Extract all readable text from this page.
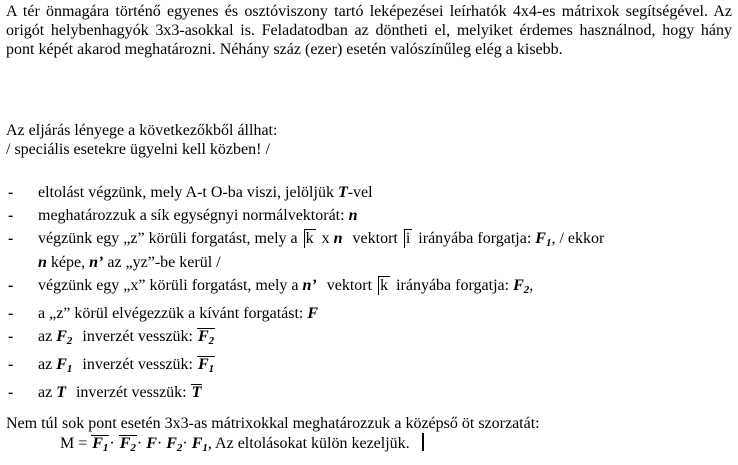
A tér önmagára történő egyenes és osztóviszony tartó leképezései leírhatók 4x4-es mátrixok segítségével. Az origót helybenhagyók 3x3-asokkal is. Feladatodban az döntheti el, melyiket érdemes használnod, hogy hány pont képét akarod meghatározni. Néhány száz (ezer) esetén valószínűleg elég a kisebb.

Az eljárás lényege a következőkből állhat:

/ speciális esetekre ügyelni kell közben! /

- eltolást végzünk, mely A-t O-ba viszi, jelöljük T-vel
- meghatározzuk a sík egységnyi normálvektorát: n
- végzünk egy „z” körüli forgatást, mely a k x n vektort i irányába forgatja: $F_1$, / ekkor
n képe, n’ az „yz”-be kerül /
- végzünk egy „x” körüli forgatást, mely a n’ vektort k irányába forgatja: $F_2$,
- a „z” körül elvégezzük a kívánt forgatást: F
- az $F_2$ inverzét vesszük: $F_2$
- az $F_1$ inverzét vesszük: $F_1$
- az T inverzét vesszük: T

Nem túl sok pont esetén 3x3-as mátrixokkal meghatározzuk a középső öt szorzatát:

$M = F_1\cdot F_2\cdot F\cdot F_2\cdot F_1$, Az eltolásokat külön kezeljük.
